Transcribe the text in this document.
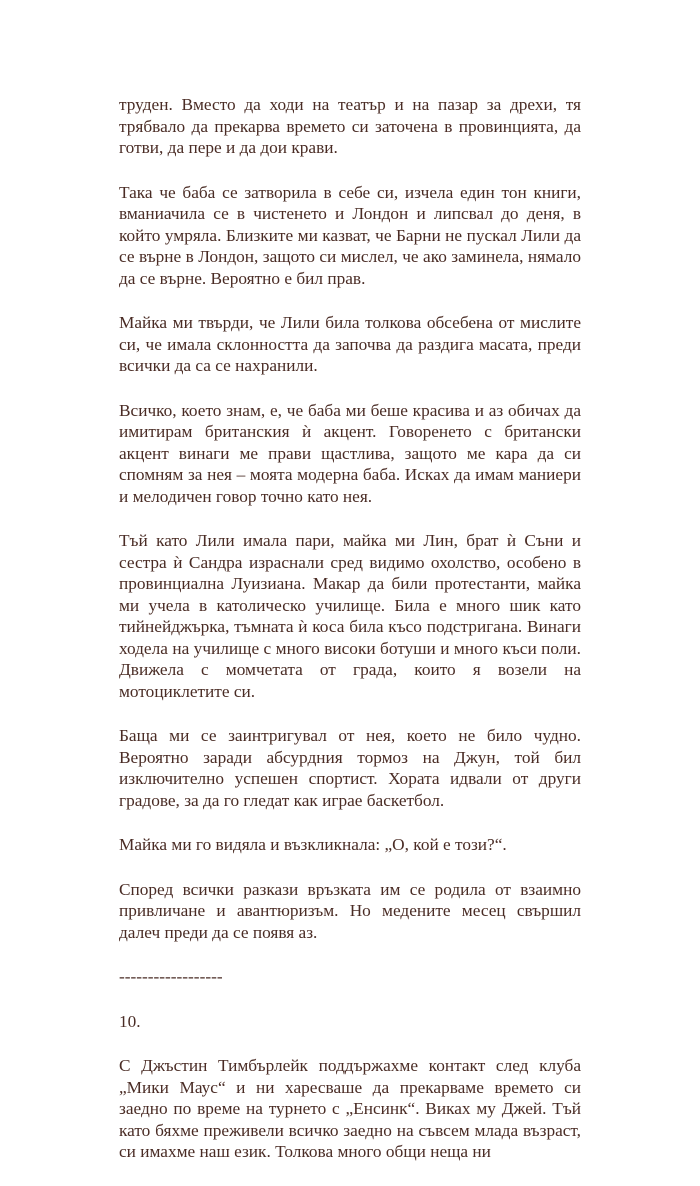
труден. Вместо да ходи на театър и на пазар за дрехи, тя трябвало да прекарва времето си заточена в провинцията, да готви, да пере и да дои крави.

Така че баба се затворила в себе си, изчела един тон книги, вманиачила се в чистенето и Лондон и липсвал до деня, в който умряла. Близките ми казват, че Барни не пускал Лили да се върне в Лондон, защото си мислел, че ако заминела, нямало да се върне. Вероятно е бил прав.

Майка ми твърди, че Лили била толкова обсебена от мислите си, че имала склонността да започва да раздига масата, преди всички да са се нахранили.

Всичко, което знам, е, че баба ми беше красива и аз обичах да имитирам британския ѝ акцент. Говоренето с британски акцент винаги ме прави щастлива, защото ме кара да си спомням за нея – моята модерна баба. Исках да имам маниери и мелодичен говор точно като нея.

Тъй като Лили имала пари, майка ми Лин, брат ѝ Съни и сестра ѝ Сандра израснали сред видимо охолство, особено в провинциална Луизиана. Макар да били протестанти, майка ми учела в католическо училище. Била е много шик като тийнейджърка, тъмната ѝ коса била късо подстригана. Винаги ходела на училище с много високи ботуши и много къси поли. Движела с момчетата от града, които я возели на мотоциклетите си.

Баща ми се заинтригувал от нея, което не било чудно. Вероятно заради абсурдния тормоз на Джун, той бил изключително успешен спортист. Хората идвали от други градове, за да го гледат как играе баскетбол.

Майка ми го видяла и възкликнала: „О, кой е този?“.

Според всички разкази връзката им се родила от взаимно привличане и авантюризъм. Но медените месец свършил далеч преди да се появя аз.

------------------

10.

С Джъстин Тимбърлейк поддържахме контакт след клуба „Мики Маус“ и ни харесваше да прекарваме времето си заедно по време на турнето с „Енсинк“. Виках му Джей. Тъй като бяхме преживели всичко заедно на съвсем млада възраст, си имахме наш език. Толкова много общи неща ни
